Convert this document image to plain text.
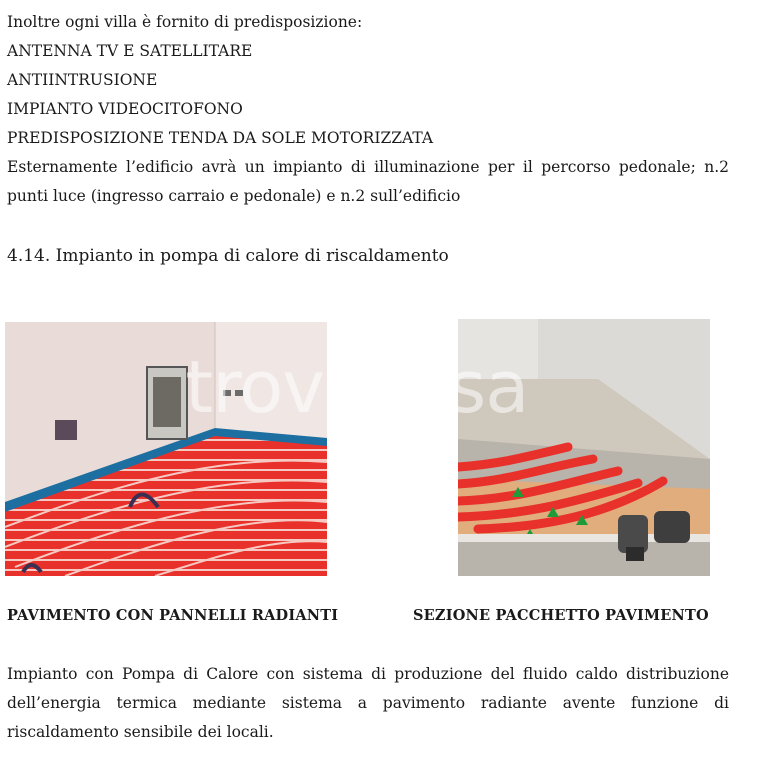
Inoltre ogni villa è fornito di predisposizione:
ANTENNA TV E SATELLITARE
ANTIINTRUSIONE
IMPIANTO VIDEOCITOFONO
PREDISPOSIZIONE TENDA DA SOLE MOTORIZZATA
Esternamente l’edificio avrà un impianto di illuminazione per il percorso pedonale; n.2
punti luce (ingresso carraio e pedonale) e n.2 sull’edificio
4.14. Impianto in pompa di calore di riscaldamento
trovacasa
PAVIMENTO CON PANNELLI RADIANTI	SEZIONE PACCHETTO PAVIMENTO
Impianto con Pompa di Calore con sistema di produzione del fluido caldo distribuzione
dell’energia termica mediante sistema a pavimento radiante avente funzione di
riscaldamento sensibile dei locali.
